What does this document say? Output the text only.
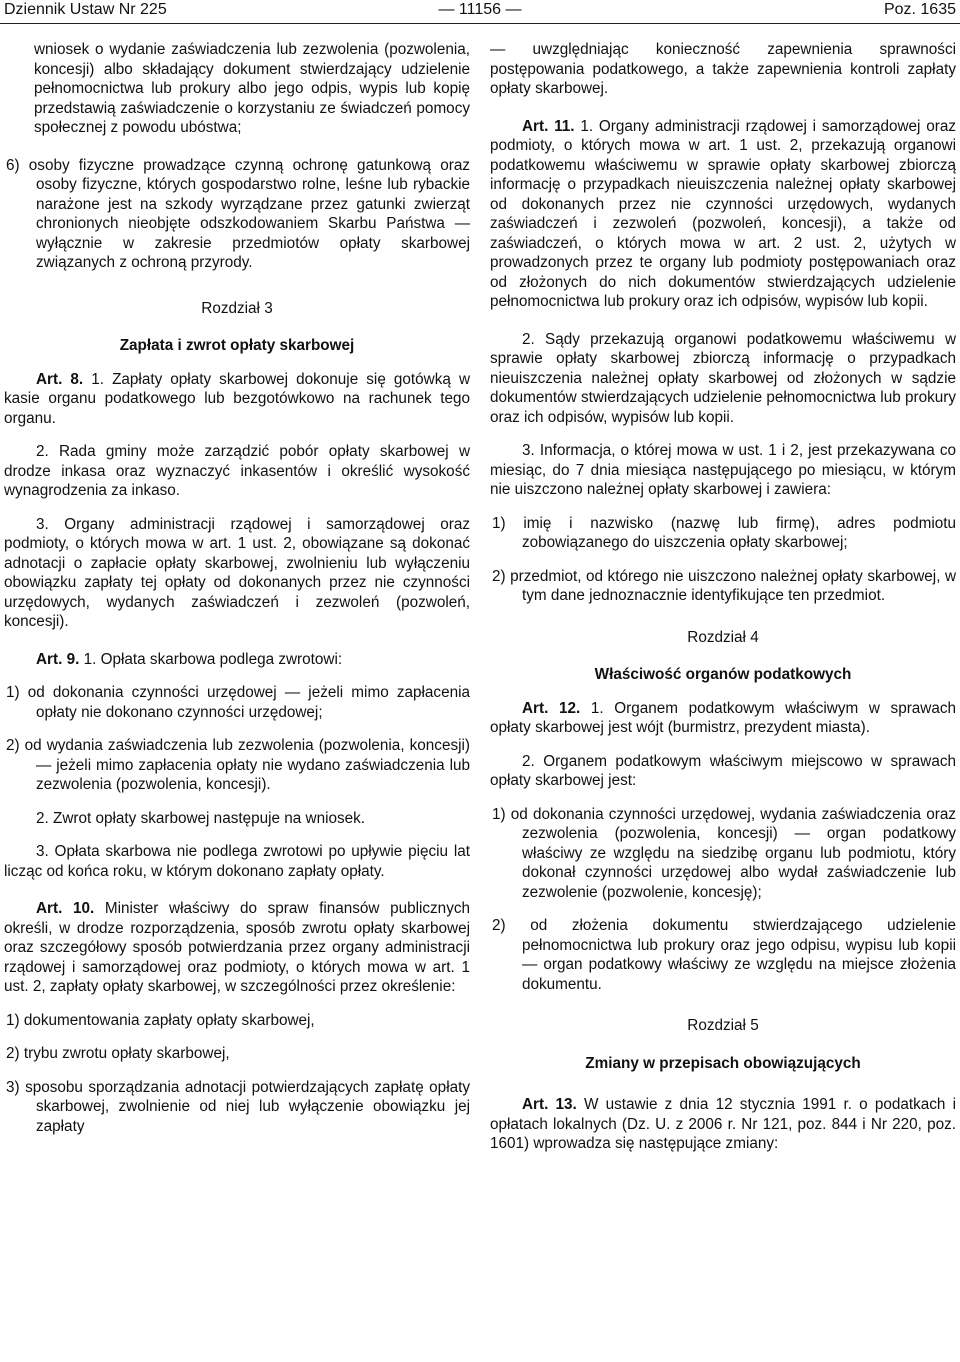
Dziennik Ustaw Nr 225	— 11156 —	Poz. 1635

wniosek o wydanie zaświadczenia lub zezwolenia (pozwolenia, koncesji) albo składający dokument stwierdzający udzielenie pełnomocnictwa lub prokury albo jego odpis, wypis lub kopię przedstawią zaświadczenie o korzystaniu ze świadczeń pomocy społecznej z powodu ubóstwa;

6) osoby fizyczne prowadzące czynną ochronę gatunkową oraz osoby fizyczne, których gospodarstwo rolne, leśne lub rybackie narażone jest na szkody wyrządzane przez gatunki zwierząt chronionych nieobjęte odszkodowaniem Skarbu Państwa — wyłącznie w zakresie przedmiotów opłaty skarbowej związanych z ochroną przyrody.

Rozdział 3

Zapłata i zwrot opłaty skarbowej

Art. 8. 1. Zapłaty opłaty skarbowej dokonuje się gotówką w kasie organu podatkowego lub bezgotówkowo na rachunek tego organu.

2. Rada gminy może zarządzić pobór opłaty skarbowej w drodze inkasa oraz wyznaczyć inkasentów i określić wysokość wynagrodzenia za inkaso.

3. Organy administracji rządowej i samorządowej oraz podmioty, o których mowa w art. 1 ust. 2, obowiązane są dokonać adnotacji o zapłacie opłaty skarbowej, zwolnieniu lub wyłączeniu obowiązku zapłaty tej opłaty od dokonanych przez nie czynności urzędowych, wydanych zaświadczeń i zezwoleń (pozwoleń, koncesji).

Art. 9. 1. Opłata skarbowa podlega zwrotowi:

1) od dokonania czynności urzędowej — jeżeli mimo zapłacenia opłaty nie dokonano czynności urzędowej;

2) od wydania zaświadczenia lub zezwolenia (pozwolenia, koncesji) — jeżeli mimo zapłacenia opłaty nie wydano zaświadczenia lub zezwolenia (pozwolenia, koncesji).

2. Zwrot opłaty skarbowej następuje na wniosek.

3. Opłata skarbowa nie podlega zwrotowi po upływie pięciu lat licząc od końca roku, w którym dokonano zapłaty opłaty.

Art. 10. Minister właściwy do spraw finansów publicznych określi, w drodze rozporządzenia, sposób zwrotu opłaty skarbowej oraz szczegółowy sposób potwierdzania przez organy administracji rządowej i samorządowej oraz podmioty, o których mowa w art. 1 ust. 2, zapłaty opłaty skarbowej, w szczególności przez określenie:

1) dokumentowania zapłaty opłaty skarbowej,

2) trybu zwrotu opłaty skarbowej,

3) sposobu sporządzania adnotacji potwierdzających zapłatę opłaty skarbowej, zwolnienie od niej lub wyłączenie obowiązku jej zapłaty

— uwzględniając konieczność zapewnienia sprawności postępowania podatkowego, a także zapewnienia kontroli zapłaty opłaty skarbowej.

Art. 11. 1. Organy administracji rządowej i samorządowej oraz podmioty, o których mowa w art. 1 ust. 2, przekazują organowi podatkowemu właściwemu w sprawie opłaty skarbowej zbiorczą informację o przypadkach nieuiszczenia należnej opłaty skarbowej od dokonanych przez nie czynności urzędowych, wydanych zaświadczeń i zezwoleń (pozwoleń, koncesji), a także od zaświadczeń, o których mowa w art. 2 ust. 2, użytych w prowadzonych przez te organy lub podmioty postępowaniach oraz od złożonych do nich dokumentów stwierdzających udzielenie pełnomocnictwa lub prokury oraz ich odpisów, wypisów lub kopii.

2. Sądy przekazują organowi podatkowemu właściwemu w sprawie opłaty skarbowej zbiorczą informację o przypadkach nieuiszczenia należnej opłaty skarbowej od złożonych w sądzie dokumentów stwierdzających udzielenie pełnomocnictwa lub prokury oraz ich odpisów, wypisów lub kopii.

3. Informacja, o której mowa w ust. 1 i 2, jest przekazywana co miesiąc, do 7 dnia miesiąca następującego po miesiącu, w którym nie uiszczono należnej opłaty skarbowej i zawiera:

1) imię i nazwisko (nazwę lub firmę), adres podmiotu zobowiązanego do uiszczenia opłaty skarbowej;

2) przedmiot, od którego nie uiszczono należnej opłaty skarbowej, w tym dane jednoznacznie identyfikujące ten przedmiot.

Rozdział 4

Właściwość organów podatkowych

Art. 12. 1. Organem podatkowym właściwym w sprawach opłaty skarbowej jest wójt (burmistrz, prezydent miasta).

2. Organem podatkowym właściwym miejscowo w sprawach opłaty skarbowej jest:

1) od dokonania czynności urzędowej, wydania zaświadczenia oraz zezwolenia (pozwolenia, koncesji) — organ podatkowy właściwy ze względu na siedzibę organu lub podmiotu, który dokonał czynności urzędowej albo wydał zaświadczenie lub zezwolenie (pozwolenie, koncesję);

2) od złożenia dokumentu stwierdzającego udzielenie pełnomocnictwa lub prokury oraz jego odpisu, wypisu lub kopii — organ podatkowy właściwy ze względu na miejsce złożenia dokumentu.

Rozdział 5

Zmiany w przepisach obowiązujących

Art. 13. W ustawie z dnia 12 stycznia 1991 r. o podatkach i opłatach lokalnych (Dz. U. z 2006 r. Nr 121, poz. 844 i Nr 220, poz. 1601) wprowadza się następujące zmiany:
